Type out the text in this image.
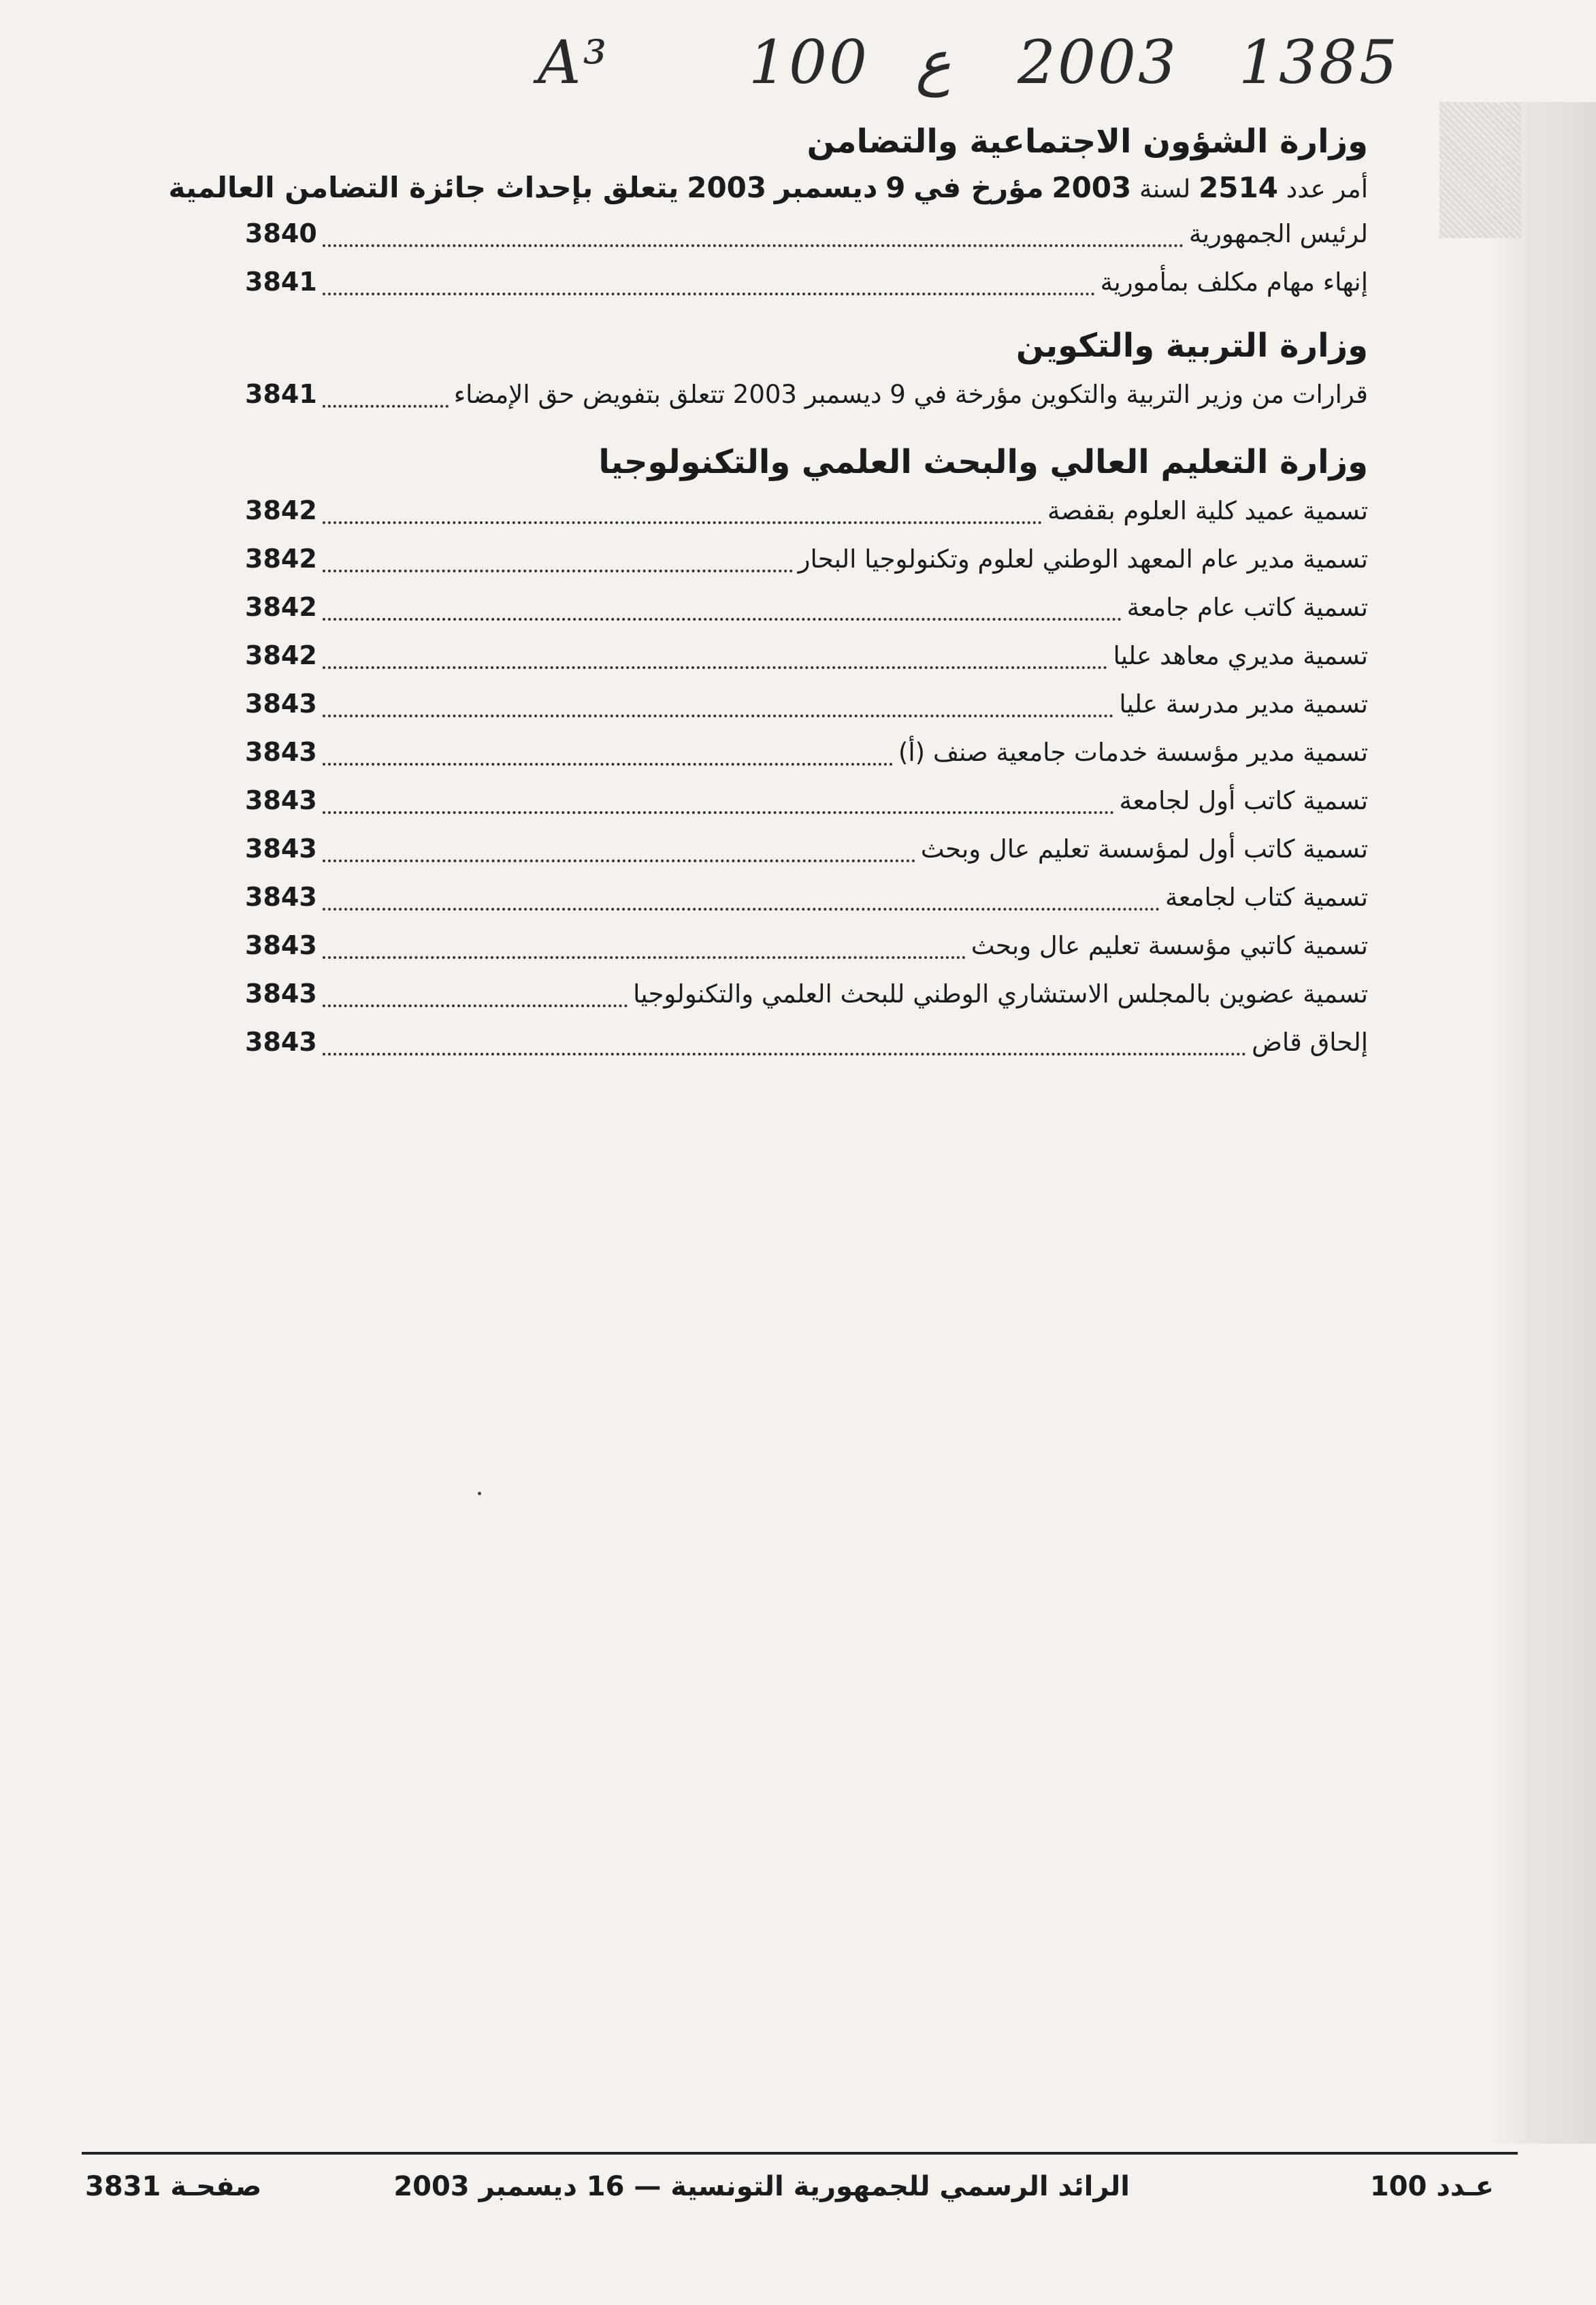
A³ 100 ع 2003 1385
وزارة الشؤون الاجتماعية والتضامن
أمر عدد 2514 لسنة 2003 مؤرخ في 9 ديسمبر 2003 يتعلق بإحداث جائزة التضامن العالمية
لرئيس الجمهورية
3840
إنهاء مهام مكلف بمأمورية
3841
وزارة التربية والتكوين
قرارات من وزير التربية والتكوين مؤرخة في 9 ديسمبر 2003 تتعلق بتفويض حق الإمضاء
3841
وزارة التعليم العالي والبحث العلمي والتكنولوجيا
تسمية عميد كلية العلوم بقفصة
3842
تسمية مدير عام المعهد الوطني لعلوم وتكنولوجيا البحار
3842
تسمية كاتب عام جامعة
3842
تسمية مديري معاهد عليا
3842
تسمية مدير مدرسة عليا
3843
تسمية مدير مؤسسة خدمات جامعية صنف (أ)
3843
تسمية كاتب أول لجامعة
3843
تسمية كاتب أول لمؤسسة تعليم عال وبحث
3843
تسمية كتاب لجامعة
3843
تسمية كاتبي مؤسسة تعليم عال وبحث
3843
تسمية عضوين بالمجلس الاستشاري الوطني للبحث العلمي والتكنولوجيا
3843
إلحاق قاض
3843
عـدد 100
الرائد الرسمي للجمهورية التونسية — 16 ديسمبر 2003
صفحـة 3831
